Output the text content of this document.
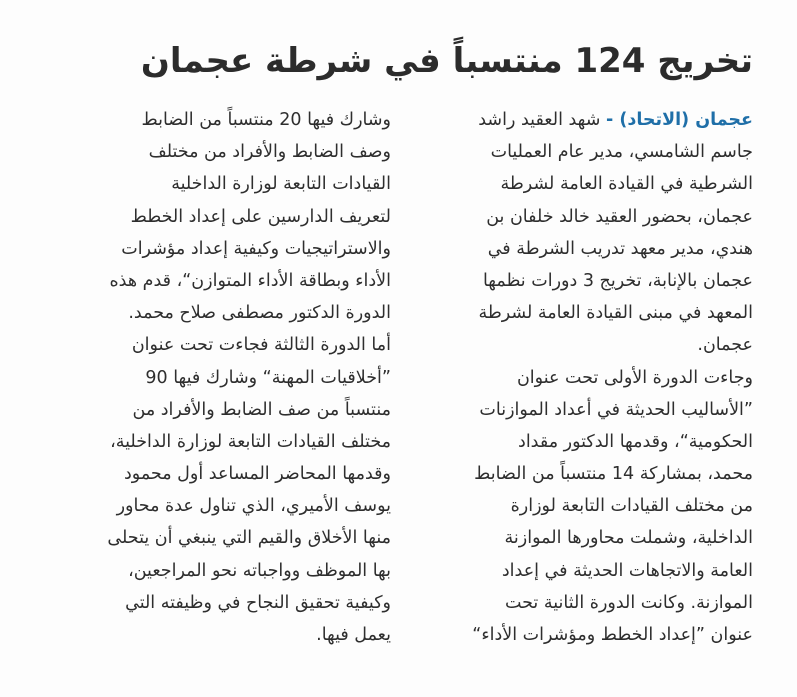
تخريج 124 منتسباً في شرطة عجمان
عجمان (الاتحاد) - شهد العقيد راشد
جاسم الشامسي، مدير عام العمليات
الشرطية في القيادة العامة لشرطة
عجمان، بحضور العقيد خالد خلفان بن
هندي، مدير معهد تدريب الشرطة في
عجمان بالإنابة، تخريج 3 دورات نظمها
المعهد في مبنى القيادة العامة لشرطة
عجمان.
وجاءت الدورة الأولى تحت عنوان
”الأساليب الحديثة في أعداد الموازنات
الحكومية“، وقدمها الدكتور مقداد
محمد، بمشاركة 14 منتسباً من الضابط
من مختلف القيادات التابعة لوزارة
الداخلية، وشملت محاورها الموازنة
العامة والاتجاهات الحديثة في إعداد
الموازنة. وكانت الدورة الثانية تحت
عنوان ”إعداد الخطط ومؤشرات الأداء“
وشارك فيها 20 منتسباً من الضابط
وصف الضابط والأفراد من مختلف
القيادات التابعة لوزارة الداخلية
لتعريف الدارسين على إعداد الخطط
والاستراتيجيات وكيفية إعداد مؤشرات
الأداء وبطاقة الأداء المتوازن“، قدم هذه
الدورة الدكتور مصطفى صلاح محمد.
أما الدورة الثالثة فجاءت تحت عنوان
”أخلاقيات المهنة“ وشارك فيها 90
منتسباً من صف الضابط والأفراد من
مختلف القيادات التابعة لوزارة الداخلية،
وقدمها المحاضر المساعد أول محمود
يوسف الأميري، الذي تناول عدة محاور
منها الأخلاق والقيم التي ينبغي أن يتحلى
بها الموظف وواجباته نحو المراجعين،
وكيفية تحقيق النجاح في وظيفته التي
يعمل فيها.
